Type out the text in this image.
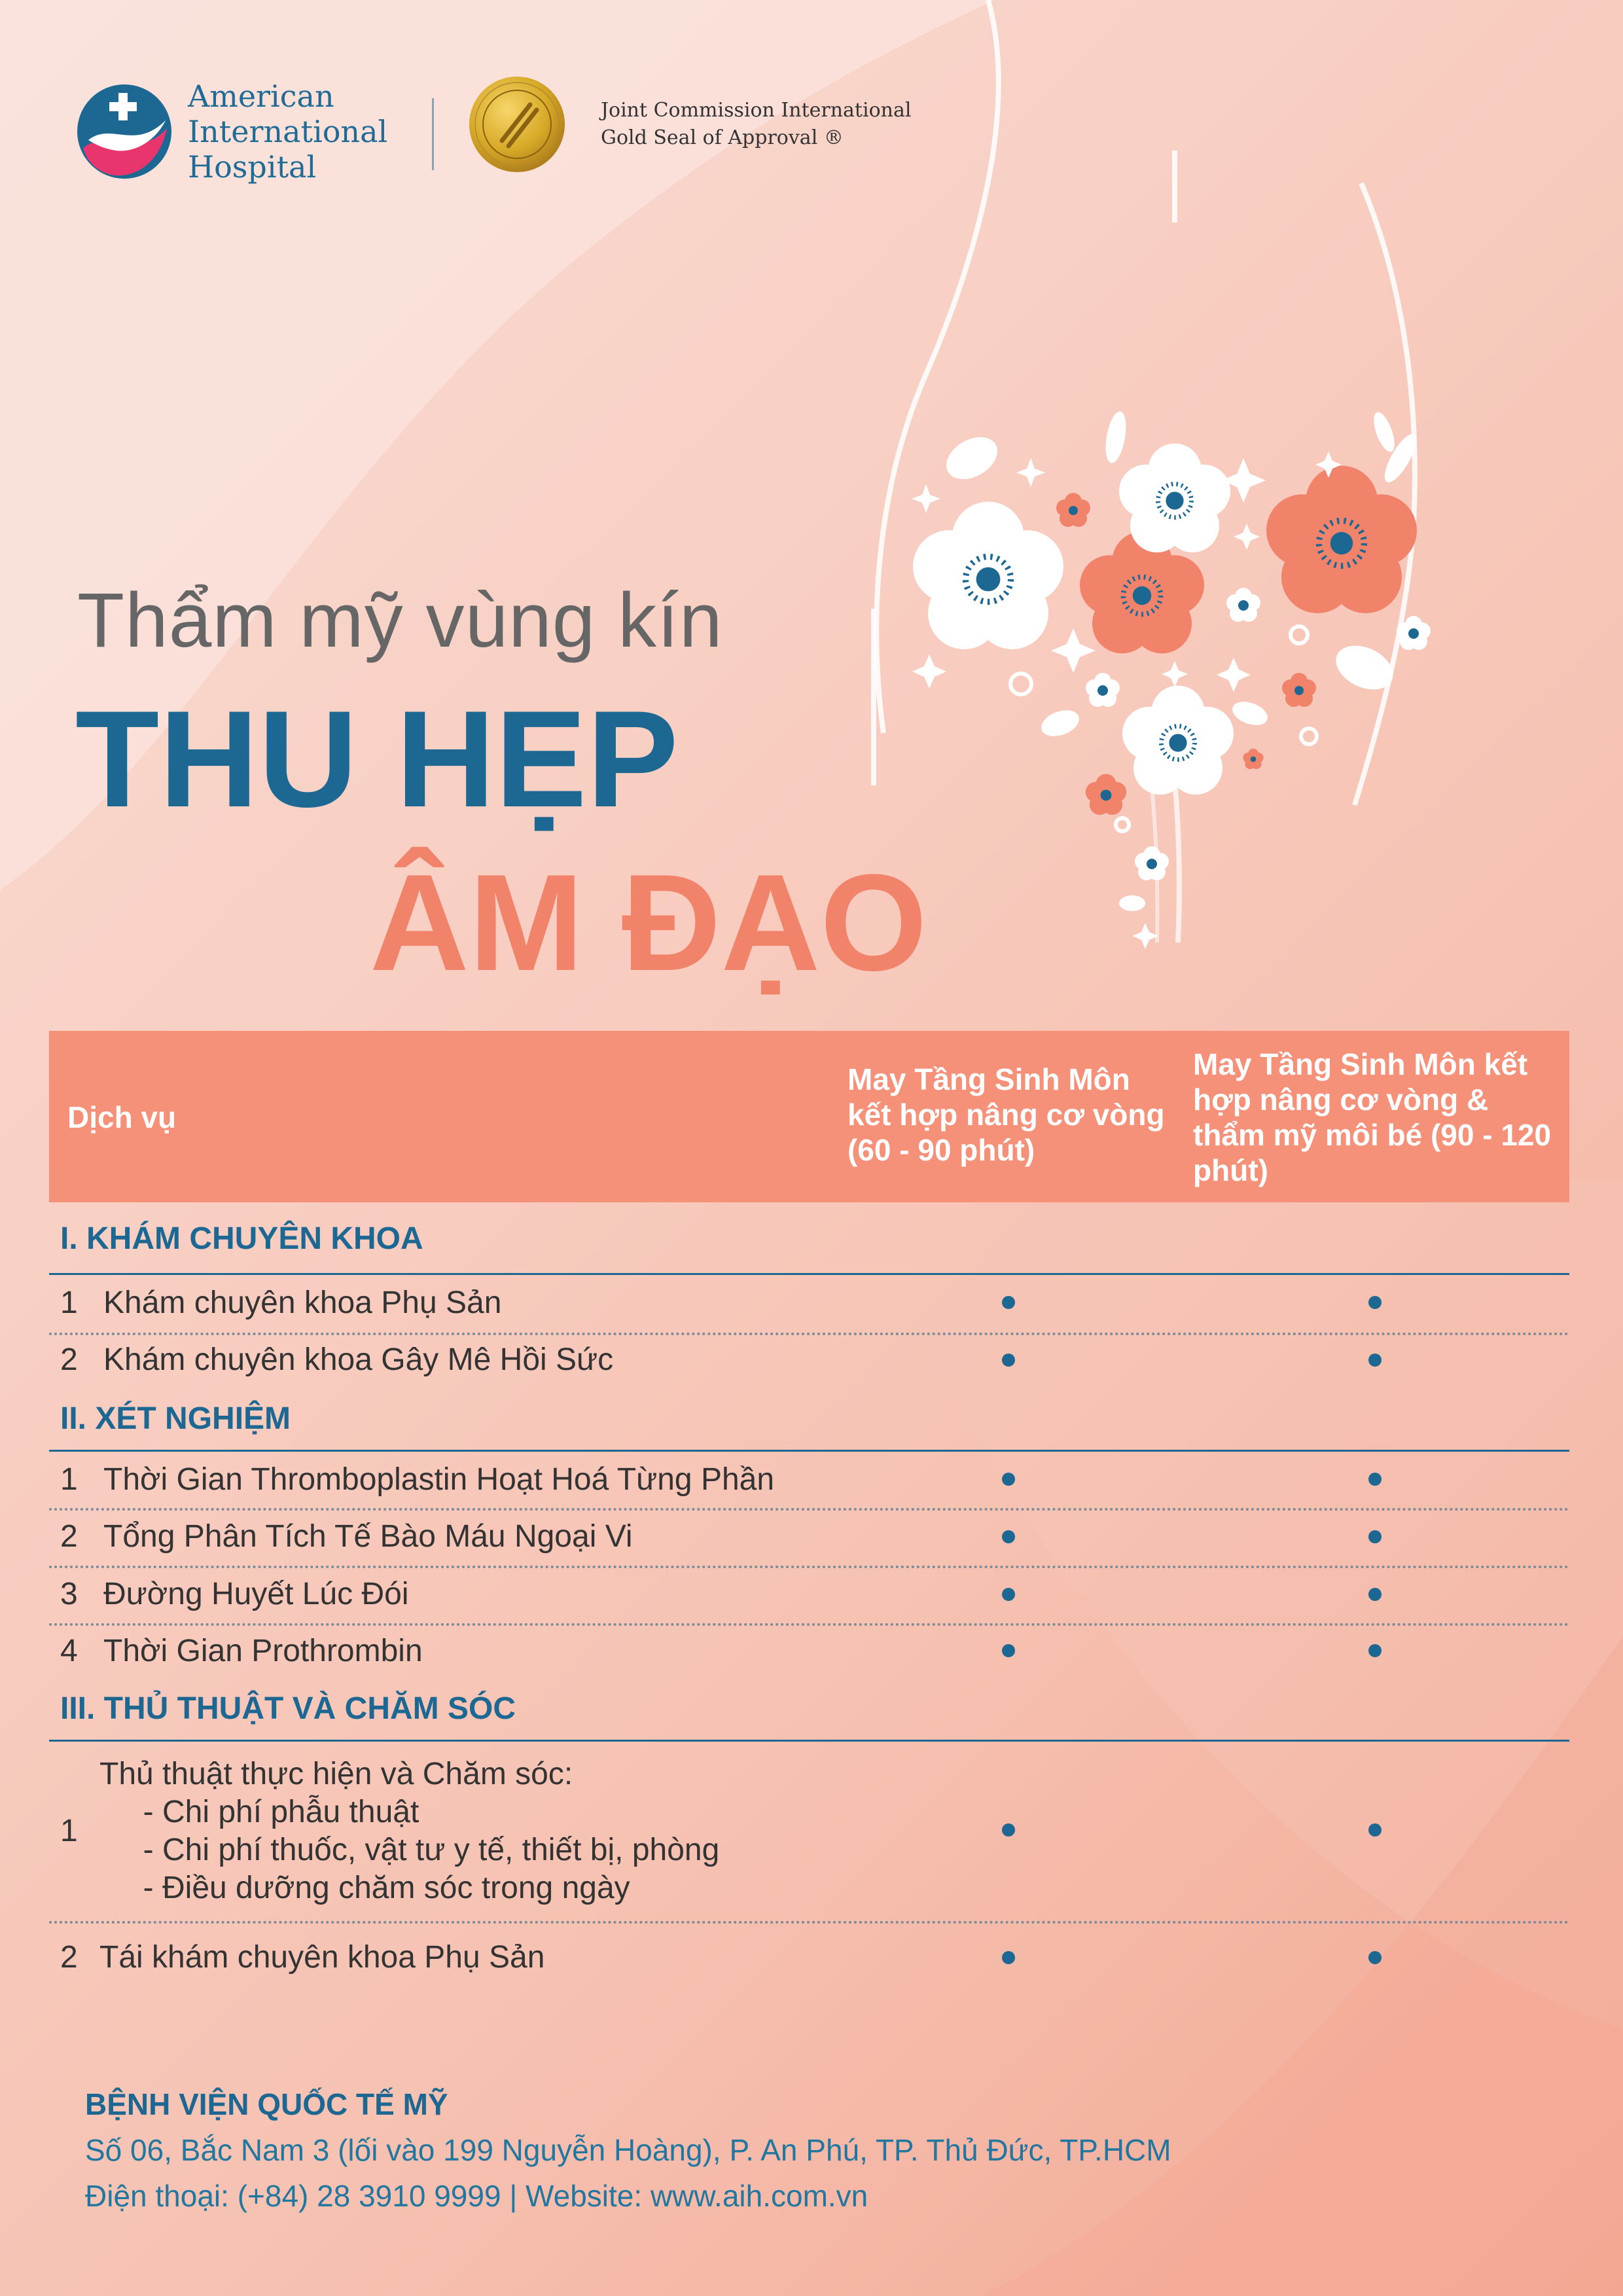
American
International
Hospital
Joint Commission International
Gold Seal of Approval ®
Thẩm mỹ vùng kín
THU HẸP
ÂM ĐẠO
Dịch vụ
May Tầng Sinh Môn kết hợp nâng cơ vòng (60 - 90 phút)
May Tầng Sinh Môn kết hợp nâng cơ vòng & thẩm mỹ môi bé (90 - 120 phút)
I. KHÁM CHUYÊN KHOA
1 Khám chuyên khoa Phụ Sản
2 Khám chuyên khoa Gây Mê Hồi Sức
II. XÉT NGHIỆM
1 Thời Gian Thromboplastin Hoạt Hoá Từng Phần
2 Tổng Phân Tích Tế Bào Máu Ngoại Vi
3 Đường Huyết Lúc Đói
4 Thời Gian Prothrombin
III. THỦ THUẬT VÀ CHĂM SÓC
1
Thủ thuật thực hiện và Chăm sóc:
- Chi phí phẫu thuật
- Chi phí thuốc, vật tư y tế, thiết bị, phòng
- Điều dưỡng chăm sóc trong ngày
2 Tái khám chuyên khoa Phụ Sản
BỆNH VIỆN QUỐC TẾ MỸ
Số 06, Bắc Nam 3 (lối vào 199 Nguyễn Hoàng), P. An Phú, TP. Thủ Đức, TP.HCM
Điện thoại: (+84) 28 3910 9999 | Website: www.aih.com.vn
